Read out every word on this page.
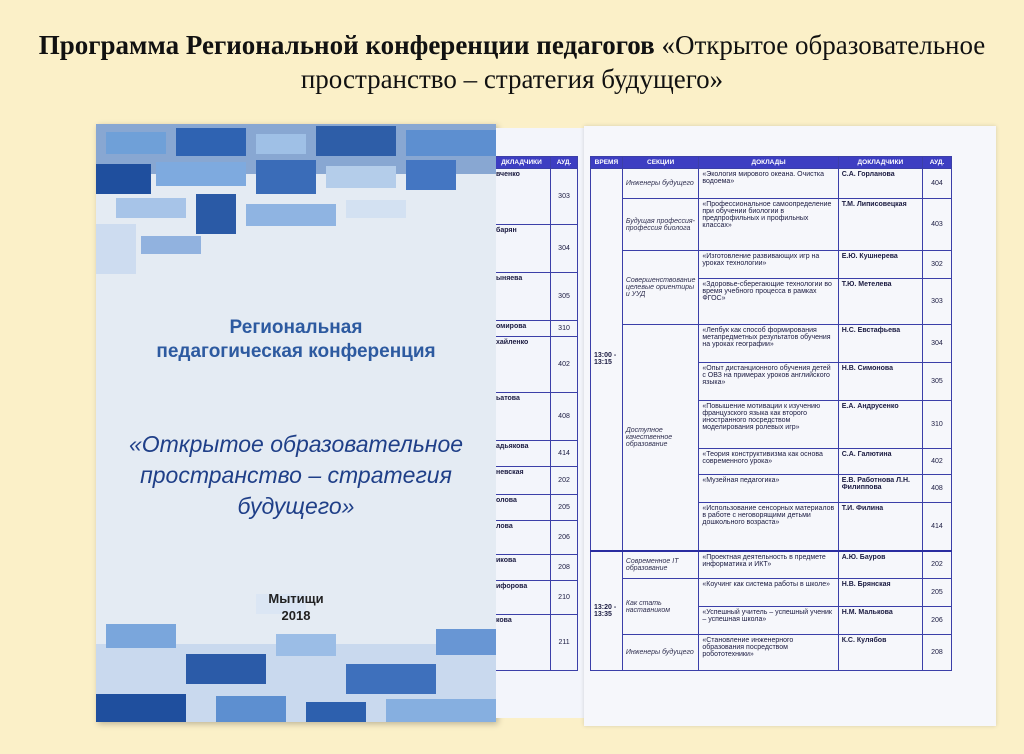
Программа Региональной конференции педагогов «Открытое образовательное пространство – стратегия будущего»
Региональная
педагогическая конференция
«Открытое образовательное
пространство – стратегия
будущего»
Мытищи
2018
ДКЛАДЧИКИ	АУД.
вченко	303
барян	304
ыняева	305
омирова	310
хайленко	402
ьатова	408
адьякова	414
невская	202
олова	205
лова	206
икова	208
ифорова	210
кова	211
ВРЕМЯ	СЕКЦИИ	ДОКЛАДЫ	ДОКЛАДЧИКИ	АУД.
13:00 - 13:15	Инженеры будущего	«Экология мирового океана. Очистка водоема»	С.А. Горланова	404
	Будущая профессия-профессия биолога	«Профессиональное самоопределение при обучении биологии в предпрофильных и профильных классах»	Т.М. Липисовецкая	403
	Совершенствование целевые ориентиры и УУД	«Изготовление развивающих игр на уроках технологии»	Е.Ю. Кушнерева	302
		«Здоровье-сберегающие технологии во время учебного процесса в рамках ФГОС»	Т.Ю. Метелева	303
	Доступное качественное образование	«Лепбук как способ формирования метапредметных результатов обучения на уроках географии»	Н.С. Евстафьева	304
		«Опыт дистанционного обучения детей с ОВЗ на примерах уроков английского языка»	Н.В. Симонова	305
		«Повышение мотивации к изучению французского языка как второго иностранного посредством моделирования ролевых игр»	Е.А. Андрусенко	310
		«Теория конструктивизма как основа современного урока»	С.А. Галютина	402
		«Музейная педагогика»	Е.В. Работнова Л.Н. Филиппова	408
		«Использование сенсорных материалов в работе с неговорящими детьми дошкольного возраста»	Т.И. Филина	414
13:20 - 13:35	Современное IT образование	«Проектная деятельность в предмете информатика и ИКТ»	А.Ю. Бауров	202
	Как стать наставником	«Коучинг как система работы в школе»	Н.В. Брянская	205
		«Успешный учитель – успешный ученик – успешная школа»	Н.М. Малькова	206
	Инженеры будущего	«Становление инженерного образования посредством робототехники»	К.С. Кулябов	208
